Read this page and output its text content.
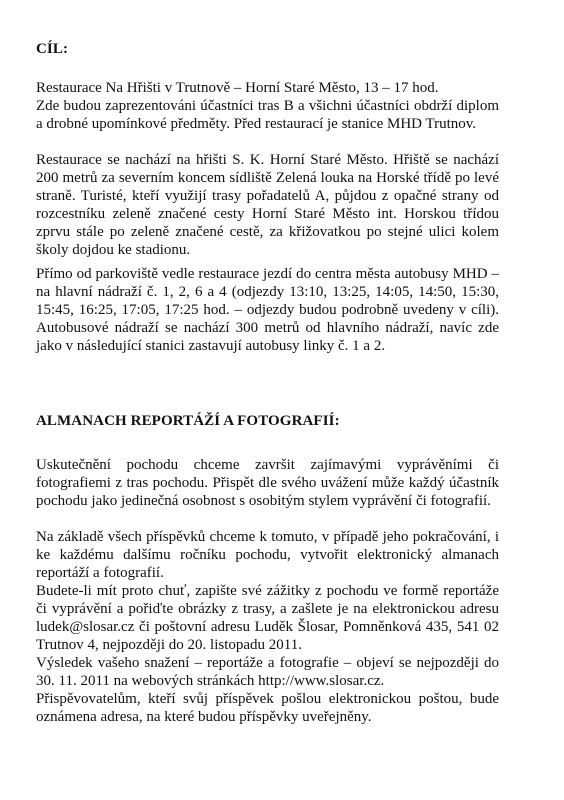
CÍL:
Restaurace Na Hřišti v Trutnově – Horní Staré Město, 13 – 17 hod.
Zde budou zaprezentováni účastníci tras B a všichni účastníci obdrží diplom a drobné upomínkové předměty. Před restaurací je stanice MHD Trutnov.
Restaurace se nachází na hřišti S. K. Horní Staré Město. Hřiště se nachází 200 metrů za severním koncem sídliště Zelená louka na Horské třídě po levé straně. Turisté, kteří využijí trasy pořadatelů A, půjdou z opačné strany od rozcestníku zeleně značené cesty Horní Staré Město int. Horskou třídou zprvu stále po zeleně značené cestě, za křižovatkou po stejné ulici kolem školy dojdou ke stadionu.
Přímo od parkoviště vedle restaurace jezdí do centra města autobusy MHD – na hlavní nádraží č. 1, 2, 6 a 4 (odjezdy 13:10, 13:25, 14:05, 14:50, 15:30, 15:45, 16:25, 17:05, 17:25 hod. – odjezdy budou podrobně uvedeny v cíli). Autobusové nádraží se nachází 300 metrů od hlavního nádraží, navíc zde jako v následující stanici zastavují autobusy linky č. 1 a 2.
ALMANACH REPORTÁŽÍ A FOTOGRAFIÍ:
Uskutečnění pochodu chceme završit zajímavými vyprávěními či fotografiemi z tras pochodu. Přispět dle svého uvážení může každý účastník pochodu jako jedinečná osobnost s osobitým stylem vyprávění či fotografií.
Na základě všech příspěvků chceme k tomuto, v případě jeho pokračování, i ke každému dalšímu ročníku pochodu, vytvořit elektronický almanach reportáží a fotografií.
Budete-li mít proto chuť, zapište své zážitky z pochodu ve formě reportáže či vyprávění a pořiďte obrázky z trasy, a zašlete je na elektronickou adresu ludek@slosar.cz či poštovní adresu Luděk Šlosar, Pomněnková 435, 541 02 Trutnov 4, nejpozději do 20. listopadu 2011.
Výsledek vašeho snažení – reportáže a fotografie – objeví se nejpozději do 30. 11. 2011 na webových stránkách http://www.slosar.cz.
Přispěvovatelům, kteří svůj příspěvek pošlou elektronickou poštou, bude oznámena adresa, na které budou příspěvky uveřejněny.
